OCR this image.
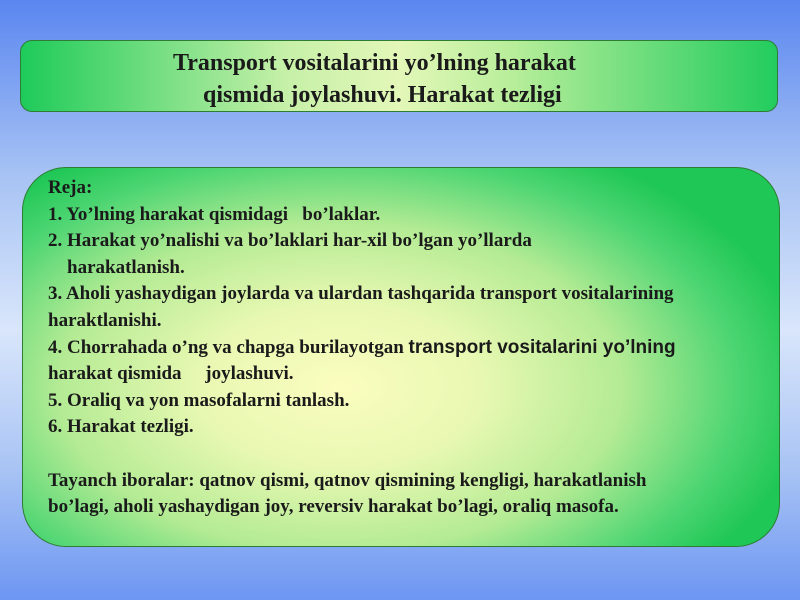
Transport vositalarini yo’lning harakat
qismida joylashuvi. Harakat tezligi
Reja:
1. Yo’lning harakat qismidagi   bo’laklar.
2. Harakat yo’nalishi va bo’laklari har-xil bo’lgan yo’llarda
harakatlanish.
3. Aholi yashaydigan joylarda va ulardan tashqarida transport vositalarining
haraktlanishi.
4. Chorrahada o’ng va chapga burilayotgan transport vositalarini yo’lning
harakat qismida     joylashuvi.
5. Oraliq va yon masofalarni tanlash.
6. Harakat tezligi.
Tayanch iboralar: qatnov qismi, qatnov qismining kengligi, harakatlanish
bo’lagi, aholi yashaydigan joy, reversiv harakat bo’lagi, oraliq masofa.
